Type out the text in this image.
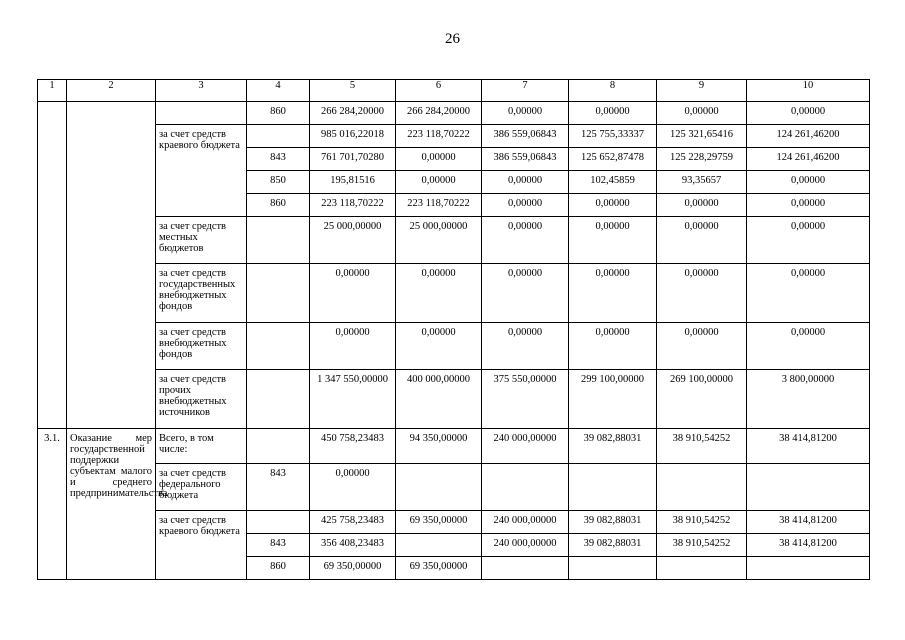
26
1	2	3	4	5	6	7	8	9	10
			860	266 284,20000	266 284,20000	0,00000	0,00000	0,00000	0,00000
		за счет средств краевого бюджета		985 016,22018	223 118,70222	386 559,06843	125 755,33337	125 321,65416	124 261,46200
			843	761 701,70280	0,00000	386 559,06843	125 652,87478	125 228,29759	124 261,46200
			850	195,81516	0,00000	0,00000	102,45859	93,35657	0,00000
			860	223 118,70222	223 118,70222	0,00000	0,00000	0,00000	0,00000
		за счет средств местных бюджетов		25 000,00000	25 000,00000	0,00000	0,00000	0,00000	0,00000
		за счет средств государственных внебюджетных фондов		0,00000	0,00000	0,00000	0,00000	0,00000	0,00000
		за счет средств внебюджетных фондов		0,00000	0,00000	0,00000	0,00000	0,00000	0,00000
		за счет средств прочих внебюджетных источников		1 347 550,00000	400 000,00000	375 550,00000	299 100,00000	269 100,00000	3 800,00000
3.1.	Оказание мер государственной поддержки субъектам малого и среднего предпринимательства	Всего, в том числе:		450 758,23483	94 350,00000	240 000,00000	39 082,88031	38 910,54252	38 414,81200
		за счет средств федерального бюджета	843	0,00000					
		за счет средств краевого бюджета		425 758,23483	69 350,00000	240 000,00000	39 082,88031	38 910,54252	38 414,81200
			843	356 408,23483		240 000,00000	39 082,88031	38 910,54252	38 414,81200
			860	69 350,00000	69 350,00000				
